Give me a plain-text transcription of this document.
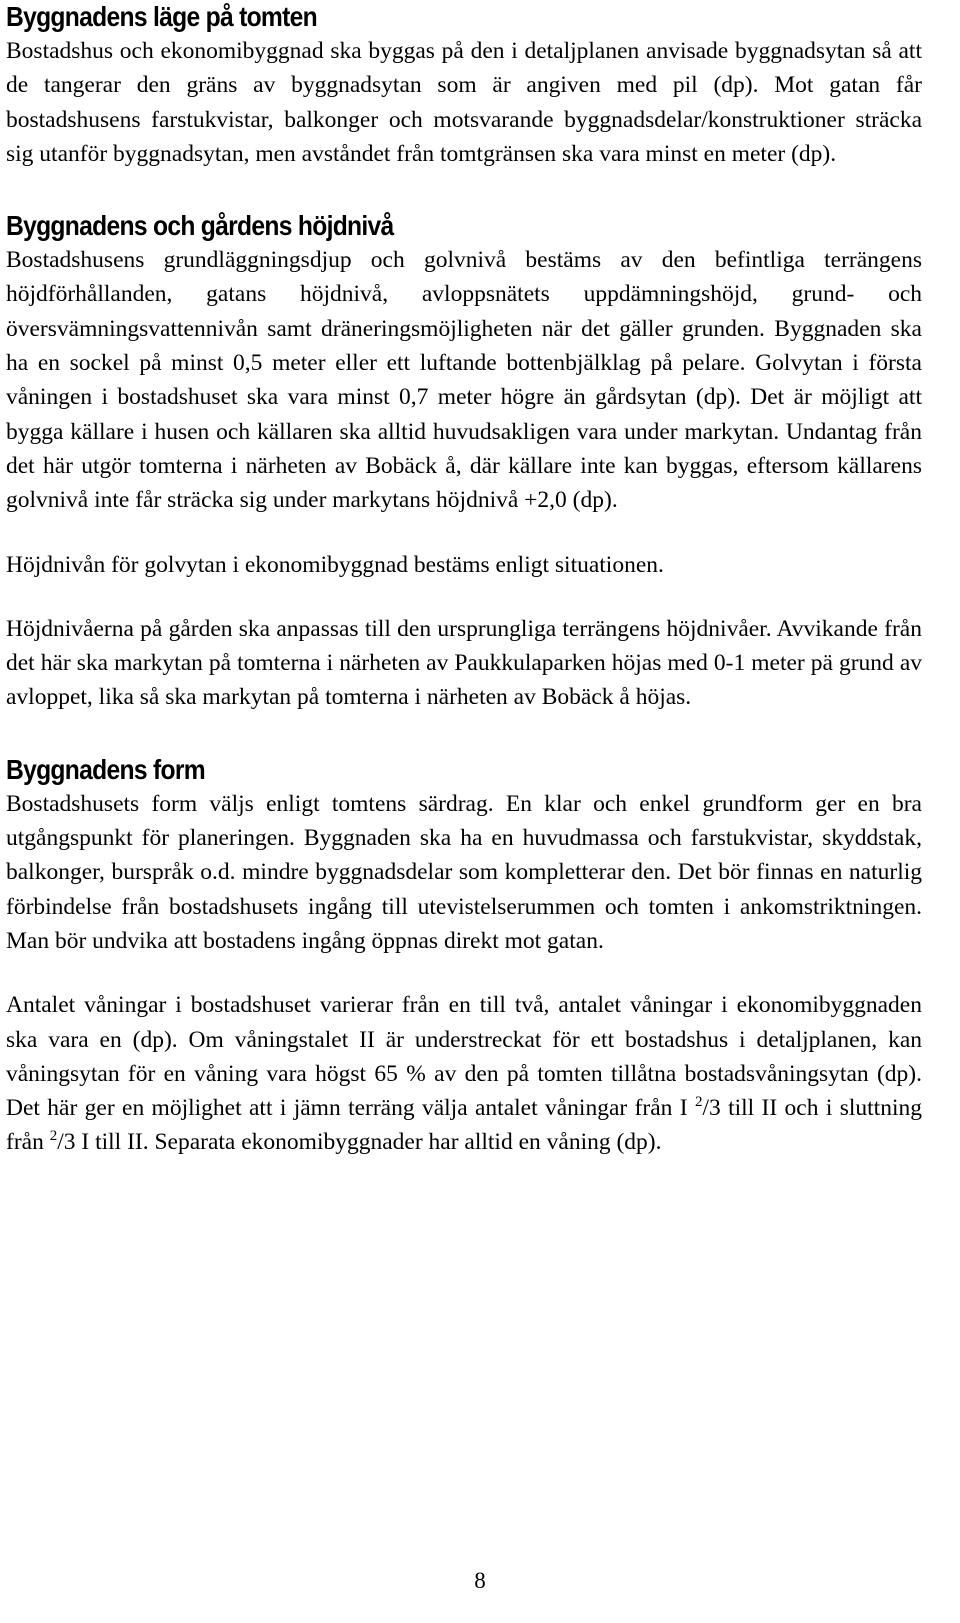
Byggnadens läge på tomten

Bostadshus och ekonomibyggnad ska byggas på den i detaljplanen anvisade byggnadsytan så att de tangerar den gräns av byggnadsytan som är angiven med pil (dp). Mot gatan får bostadshusens farstukvistar, balkonger och motsvarande byggnadsdelar/konstruktioner sträcka sig utanför byggnadsytan, men avståndet från tomtgränsen ska vara minst en meter (dp).

Byggnadens och gårdens höjdnivå

Bostadshusens grundläggningsdjup och golvnivå bestäms av den befintliga terrängens höjdförhållanden, gatans höjdnivå, avloppsnätets uppdämningshöjd, grund- och översvämningsvattennivån samt dräneringsmöjligheten när det gäller grunden. Byggnaden ska ha en sockel på minst 0,5 meter eller ett luftande bottenbjälklag på pelare. Golvytan i första våningen i bostadshuset ska vara minst 0,7 meter högre än gårdsytan (dp). Det är möjligt att bygga källare i husen och källaren ska alltid huvudsakligen vara under markytan. Undantag från det här utgör tomterna i närheten av Bobäck å, där källare inte kan byggas, eftersom källarens golvnivå inte får sträcka sig under markytans höjdnivå +2,0 (dp).

Höjdnivån för golvytan i ekonomibyggnad bestäms enligt situationen.

Höjdnivåerna på gården ska anpassas till den ursprungliga terrängens höjdnivåer. Avvikande från det här ska markytan på tomterna i närheten av Paukkulaparken höjas med 0-1 meter pä grund av avloppet, lika så ska markytan på tomterna i närheten av Bobäck å höjas.

Byggnadens form

Bostadshusets form väljs enligt tomtens särdrag. En klar och enkel grundform ger en bra utgångspunkt för planeringen. Byggnaden ska ha en huvudmassa och farstukvistar, skyddstak, balkonger, burspråk o.d. mindre byggnadsdelar som kompletterar den. Det bör finnas en naturlig förbindelse från bostadshusets ingång till utevistelserummen och tomten i ankomstriktningen. Man bör undvika att bostadens ingång öppnas direkt mot gatan.

Antalet våningar i bostadshuset varierar från en till två, antalet våningar i ekonomibyggnaden ska vara en (dp). Om våningstalet II är understreckat för ett bostadshus i detaljplanen, kan våningsytan för en våning vara högst 65 % av den på tomten tillåtna bostadsvåningsytan (dp). Det här ger en möjlighet att i jämn terräng välja antalet våningar från I $^2$/3 till II och i sluttning från $^2$/3 I till II. Separata ekonomibyggnader har alltid en våning (dp).

8
